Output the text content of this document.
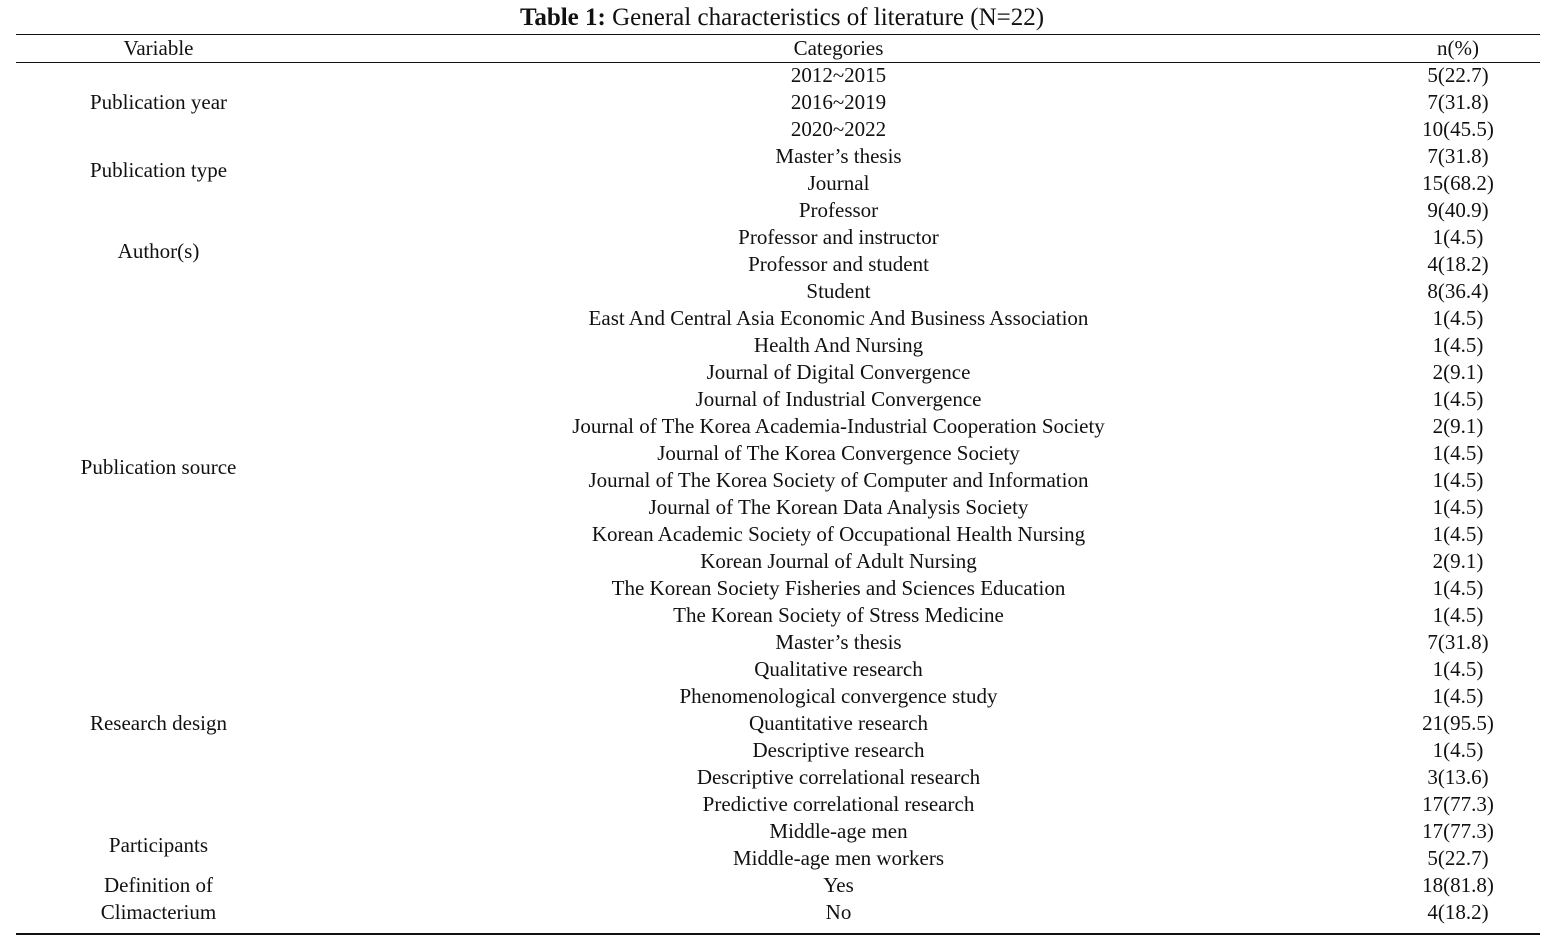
Table 1: General characteristics of literature (N=22)
Variable	Categories	n(%)

Publication year	2012~2015	5(22.7)
	2016~2019	7(31.8)
	2020~2022	10(45.5)

Publication type	Master’s thesis	7(31.8)
	Journal	15(68.2)

Author(s)	Professor	9(40.9)
	Professor and instructor	1(4.5)
	Professor and student	4(18.2)
	Student	8(36.4)

Publication source	East And Central Asia Economic And Business Association	1(4.5)
	Health And Nursing	1(4.5)
	Journal of Digital Convergence	2(9.1)
	Journal of Industrial Convergence	1(4.5)
	Journal of The Korea Academia-Industrial Cooperation Society	2(9.1)
	Journal of The Korea Convergence Society	1(4.5)
	Journal of The Korea Society of Computer and Information	1(4.5)
	Journal of The Korean Data Analysis Society	1(4.5)
	Korean Academic Society of Occupational Health Nursing	1(4.5)
	Korean Journal of Adult Nursing	2(9.1)
	The Korean Society Fisheries and Sciences Education	1(4.5)
	The Korean Society of Stress Medicine	1(4.5)

Research design	Master’s thesis	7(31.8)
	Qualitative research	1(4.5)
	Phenomenological convergence study	1(4.5)
	Quantitative research	21(95.5)
	Descriptive research	1(4.5)
	Descriptive correlational research	3(13.6)
	Predictive correlational research	17(77.3)

Participants	Middle-age men	17(77.3)
	Middle-age men workers	5(22.7)

Definition of
Climacterium	Yes	18(81.8)
	No	4(18.2)
